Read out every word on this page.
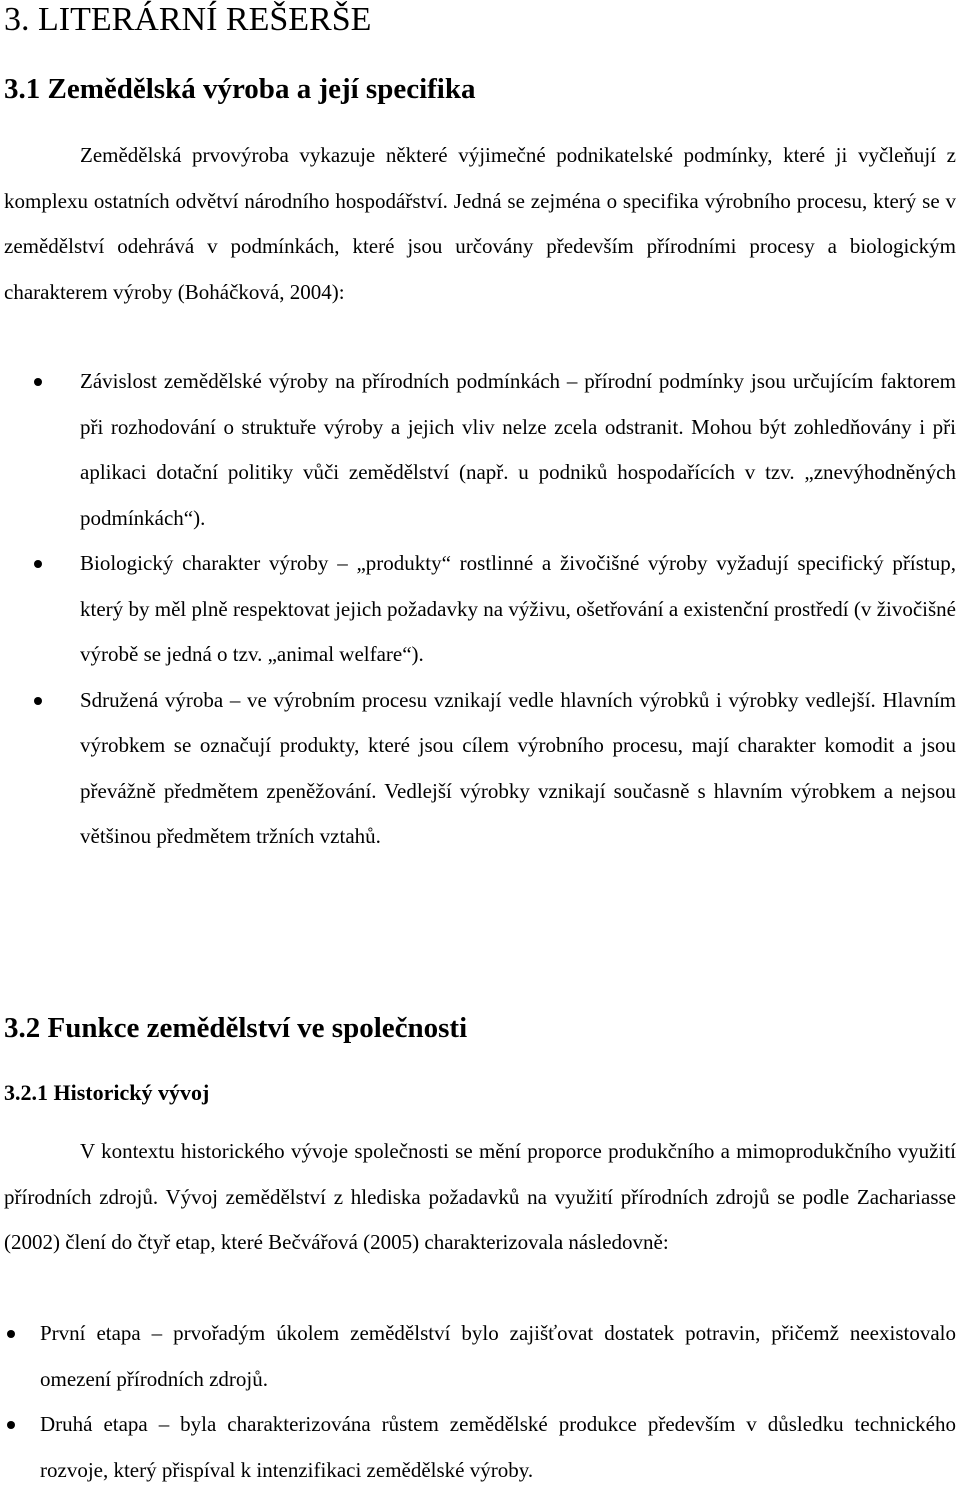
3. LITERÁRNÍ REŠERŠE
3.1 Zemědělská výroba a její specifika

Zemědělská prvovýroba vykazuje některé výjimečné podnikatelské podmínky, které ji vyčleňují z komplexu ostatních odvětví národního hospodářství. Jedná se zejména o specifika výrobního procesu, který se v zemědělství odehrává v podmínkách, které jsou určovány především přírodními procesy a biologickým charakterem výroby (Boháčková, 2004):

Závislost zemědělské výroby na přírodních podmínkách – přírodní podmínky jsou určujícím faktorem při rozhodování o struktuře výroby a jejich vliv nelze zcela odstranit. Mohou být zohledňovány i při aplikaci dotační politiky vůči zemědělství (např. u podniků hospodařících v tzv. „znevýhodněných podmínkách“).
Biologický charakter výroby – „produkty“ rostlinné a živočišné výroby vyžadují specifický přístup, který by měl plně respektovat jejich požadavky na výživu, ošetřování a existenční prostředí (v živočišné výrobě se jedná o tzv. „animal welfare“).
Sdružená výroba – ve výrobním procesu vznikají vedle hlavních výrobků i výrobky vedlejší. Hlavním výrobkem se označují produkty, které jsou cílem výrobního procesu, mají charakter komodit a jsou převážně předmětem zpeněžování. Vedlejší výrobky vznikají současně s hlavním výrobkem a nejsou většinou předmětem tržních vztahů.
3.2 Funkce zemědělství ve společnosti
3.2.1 Historický vývoj

V kontextu historického vývoje společnosti se mění proporce produkčního a mimoprodukčního využití přírodních zdrojů. Vývoj zemědělství z hlediska požadavků na využití přírodních zdrojů se podle Zachariasse (2002) člení do čtyř etap, které Bečvářová (2005) charakterizovala následovně:

První etapa – prvořadým úkolem zemědělství bylo zajišťovat dostatek potravin, přičemž neexistovalo omezení přírodních zdrojů.
Druhá etapa – byla charakterizována růstem zemědělské produkce především v důsledku technického rozvoje, který přispíval k intenzifikaci zemědělské výroby.
